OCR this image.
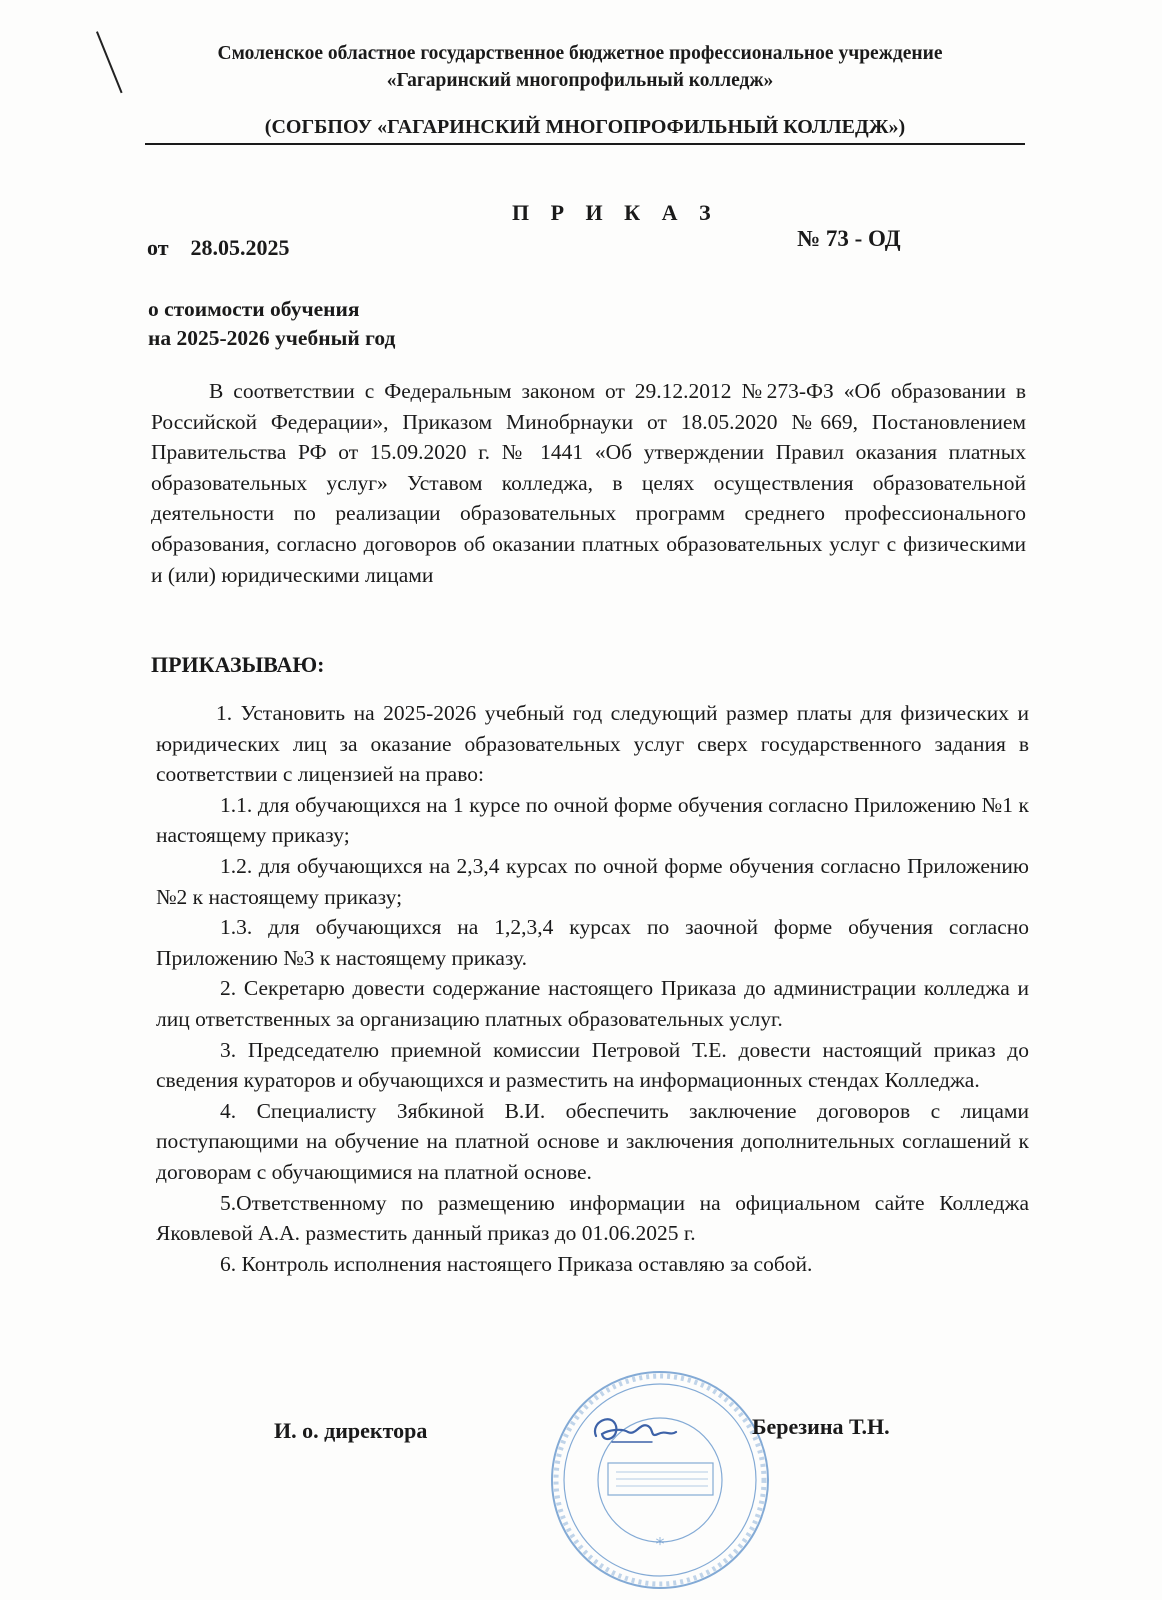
Смоленское областное государственное бюджетное профессиональное учреждение
«Гагаринский многопрофильный колледж»
(СОГБПОУ «ГАГАРИНСКИЙ МНОГОПРОФИЛЬНЫЙ КОЛЛЕДЖ»)
П Р И К А З
от 28.05.2025	№ 73 - ОД
о стоимости обучения
на 2025-2026 учебный год
В соответствии с Федеральным законом от 29.12.2012 №273-ФЗ «Об образовании в Российской Федерации», Приказом Минобрнауки от 18.05.2020 №669, Постановлением Правительства РФ от 15.09.2020 г. № 1441 «Об утверждении Правил оказания платных образовательных услуг» Уставом колледжа, в целях осуществления образовательной деятельности по реализации образовательных программ среднего профессионального образования, согласно договоров об оказании платных образовательных услуг с физическими и (или) юридическими лицами
ПРИКАЗЫВАЮ:

1. Установить на 2025-2026 учебный год следующий размер платы для физических и юридических лиц за оказание образовательных услуг сверх государственного задания в соответствии с лицензией на право:

1.1. для обучающихся на 1 курсе по очной форме обучения согласно Приложению №1 к настоящему приказу;

1.2. для обучающихся на 2,3,4 курсах по очной форме обучения согласно Приложению №2 к настоящему приказу;

1.3. для обучающихся на 1,2,3,4 курсах по заочной форме обучения согласно Приложению №3 к настоящему приказу.

2. Секретарю довести содержание настоящего Приказа до администрации колледжа и лиц ответственных за организацию платных образовательных услуг.

3. Председателю приемной комиссии Петровой Т.Е. довести настоящий приказ до сведения кураторов и обучающихся и разместить на информационных стендах Колледжа.

4. Специалисту Зябкиной В.И. обеспечить заключение договоров с лицами поступающими на обучение на платной основе и заключения дополнительных соглашений к договорам с обучающимися на платной основе.

5.Ответственному по размещению информации на официальном сайте Колледжа Яковлевой А.А. разместить данный приказ до 01.06.2025 г.

6. Контроль исполнения настоящего Приказа оставляю за собой.

*
И. о. директора	Березина Т.Н.
